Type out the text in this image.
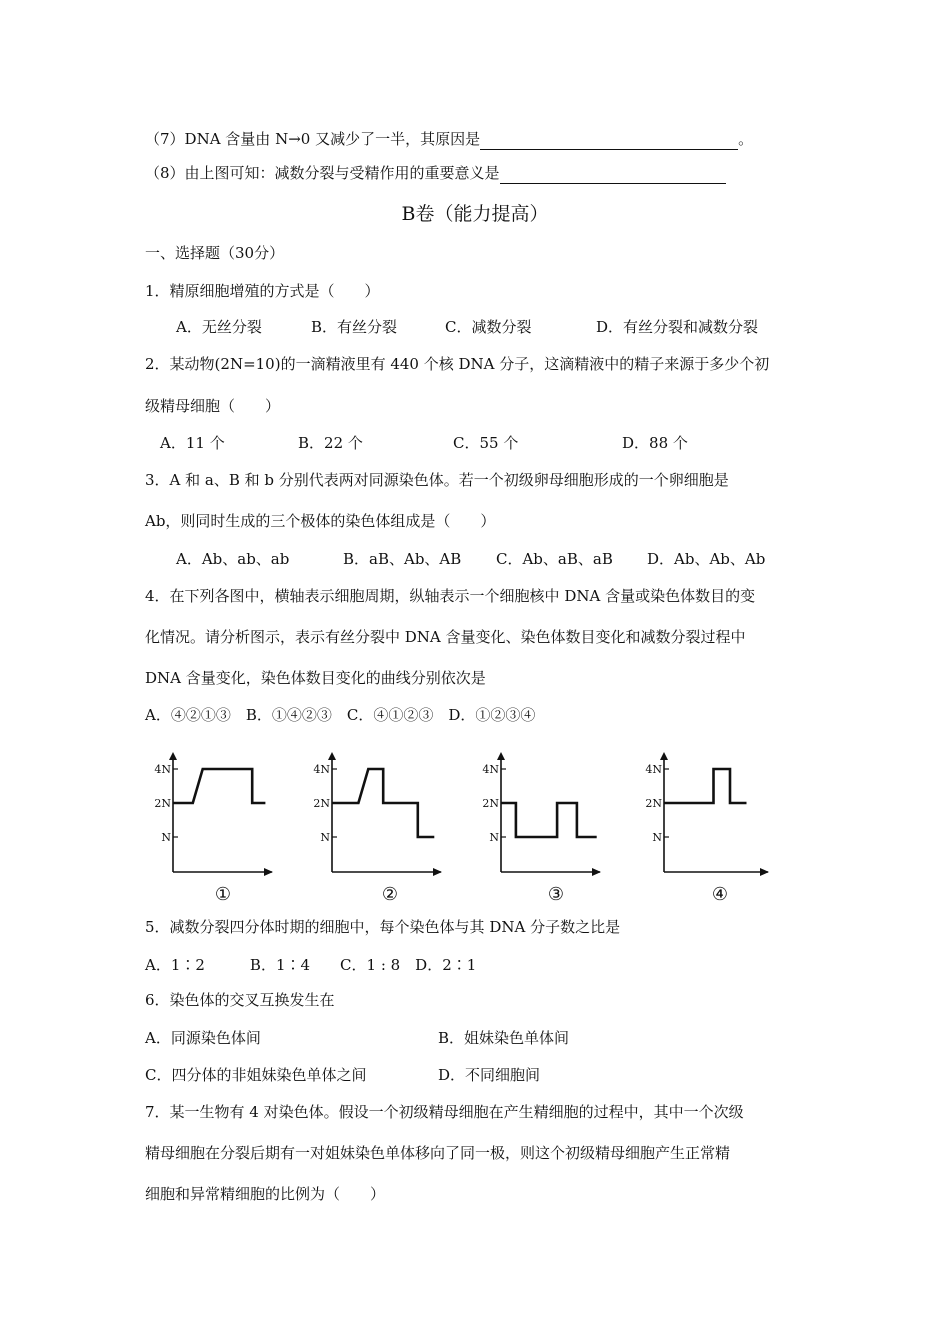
（7）DNA 含量由 N→0 又减少了一半，其原因是	。
（8）由上图可知：减数分裂与受精作用的重要意义是
B卷（能力提高）
一、选择题（30分）
1．精原细胞增殖的方式是（　　）
A．无丝分裂	B．有丝分裂	C．减数分裂	D．有丝分裂和减数分裂
2．某动物(2N=10)的一滴精液里有 440 个核 DNA 分子，这滴精液中的精子来源于多少个初
级精母细胞（　　）
A．11 个	B．22 个	C．55 个	D．88 个
3．A 和 a、B 和 b 分别代表两对同源染色体。若一个初级卵母细胞形成的一个卵细胞是
Ab，则同时生成的三个极体的染色体组成是（　　）
A．Ab、ab、ab	B．aB、Ab、AB C．Ab、aB、aB D．Ab、Ab、Ab
4．在下列各图中，横轴表示细胞周期，纵轴表示一个细胞核中 DNA 含量或染色体数目的变
化情况。请分析图示，表示有丝分裂中 DNA 含量变化、染色体数目变化和减数分裂过程中
DNA 含量变化，染色体数目变化的曲线分别依次是
A．④②①③　B．①④②③　C．④①②③　D．①②③④
4N
2N
N
4N
2N
N
4N
2N
N
4N
2N
N
①	②	③	④
5．减数分裂四分体时期的细胞中，每个染色体与其 DNA 分子数之比是
A．1∶2　　　B．1∶4　　C．1 : 8　D．2∶1
6．染色体的交叉互换发生在
A．同源染色体间	B．姐妹染色单体间
C．四分体的非姐妹染色单体之间	D．不同细胞间
7．某一生物有 4 对染色体。假设一个初级精母细胞在产生精细胞的过程中，其中一个次级
精母细胞在分裂后期有一对姐妹染色单体移向了同一极，则这个初级精母细胞产生正常精
细胞和异常精细胞的比例为（　　）
